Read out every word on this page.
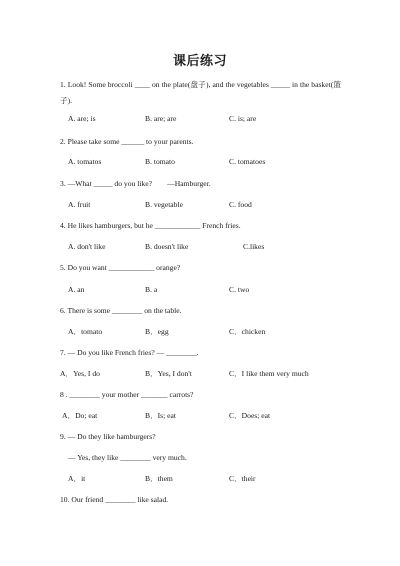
课后练习
1. Look! Some broccoli ____ on the plate(盘子), and the vegetables _____ in the basket(篮子).
A. are; is	B. are; are	C. is; are
2. Please take some ______ to your parents.
A. tomatos	B. tomato	C. tomatoes
3. —What _____ do you like?        —Hamburger.
A. fruit	B. vegetable	C. food
4. He likes hamburgers, but he ____________ French fries.
A. don't like	B. doesn't like	C.likes
5. Do you want ____________ orange?
A. an	B. a	C. two
6. There is some ________ on the table.
A．tomato	B．egg	C．chicken
7. — Do you like French fries? — ________.
A．Yes, I do	B．Yes, I don't	C．I like them very much
8 . ________ your mother _______ carrots?
A．Do; eat	B．Is; eat	C．Does; eat
9. — Do they like hamburgers?
— Yes, they like ________ very much.
A．it	B．them	C．their
10. Our friend ________ like salad.
